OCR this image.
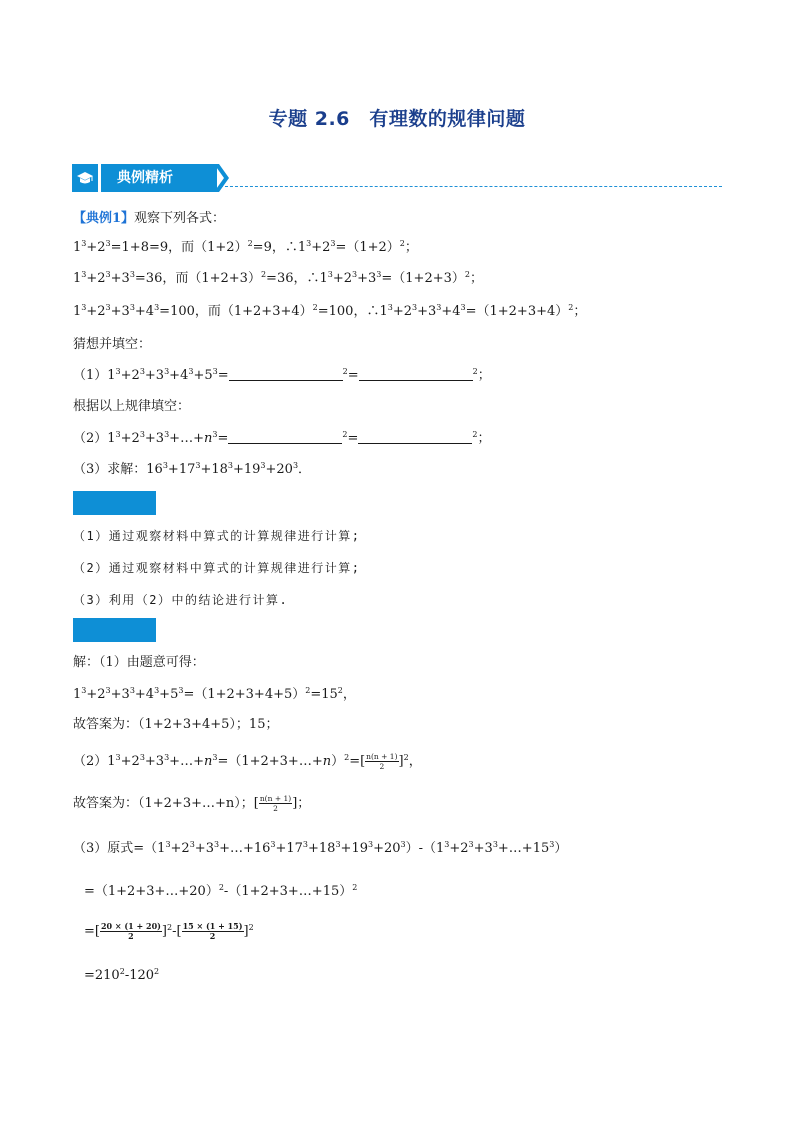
专题 2.6　有理数的规律问题
典例精析
【典例1】观察下列各式：
$1^3+2^3=1+8=9$，而$(1+2)^2=9$，$\therefore 1^3+2^3=(1+2)^2$；
$1^3+2^3+3^3=36$，而$(1+2+3)^2=36$，$\therefore 1^3+2^3+3^3=(1+2+3)^2$；
$1^3+2^3+3^3+4^3=100$，而$(1+2+3+4)^2=100$，$\therefore 1^3+2^3+3^3+4^3=(1+2+3+4)^2$；
猜想并填空：
$(1)1^3+2^3+3^3+4^3+5^3=$	$^2$=	$^2$；
根据以上规律填空：
$(2)1^3+2^3+3^3+\dots+n^3=$	$^2$=	$^2$；
（3）求解：$16^3+17^3+18^3+19^3+20^3$．
（1）通过观察材料中算式的计算规律进行计算;
（2）通过观察材料中算式的计算规律进行计算;
（3）利用（2）中的结论进行计算.
解：（1）由题意可得：
$1^3+2^3+3^3+4^3+5^3=(1+2+3+4+5)^2=15^2$，
故答案为：（1+2+3+4+5）；15；
$(2)1^3+2^3+3^3+\dots+n^3=(1+2+3+\dots+n)^2=[ \frac{n(n + 1)}{2} ]^2$，
故答案为：（1+2+3+…+n）；[ $\frac{n(n + 1)}{2}$ ]；
（3）原式$=(1^3+2^3+3^3+\dots+16^3+17^3+18^3+19^3+20^3)-(1^3+2^3+3^3+\dots+15^3)$
=（1+2+3+…+20）$^2$-（1+2+3+…+15）$^2$
=[ $\frac{20 \times (1 + 20)}{2} ]^2-[ \frac{15 \times (1 + 15)}{2} ]^2$
$=210^2-120^2$
